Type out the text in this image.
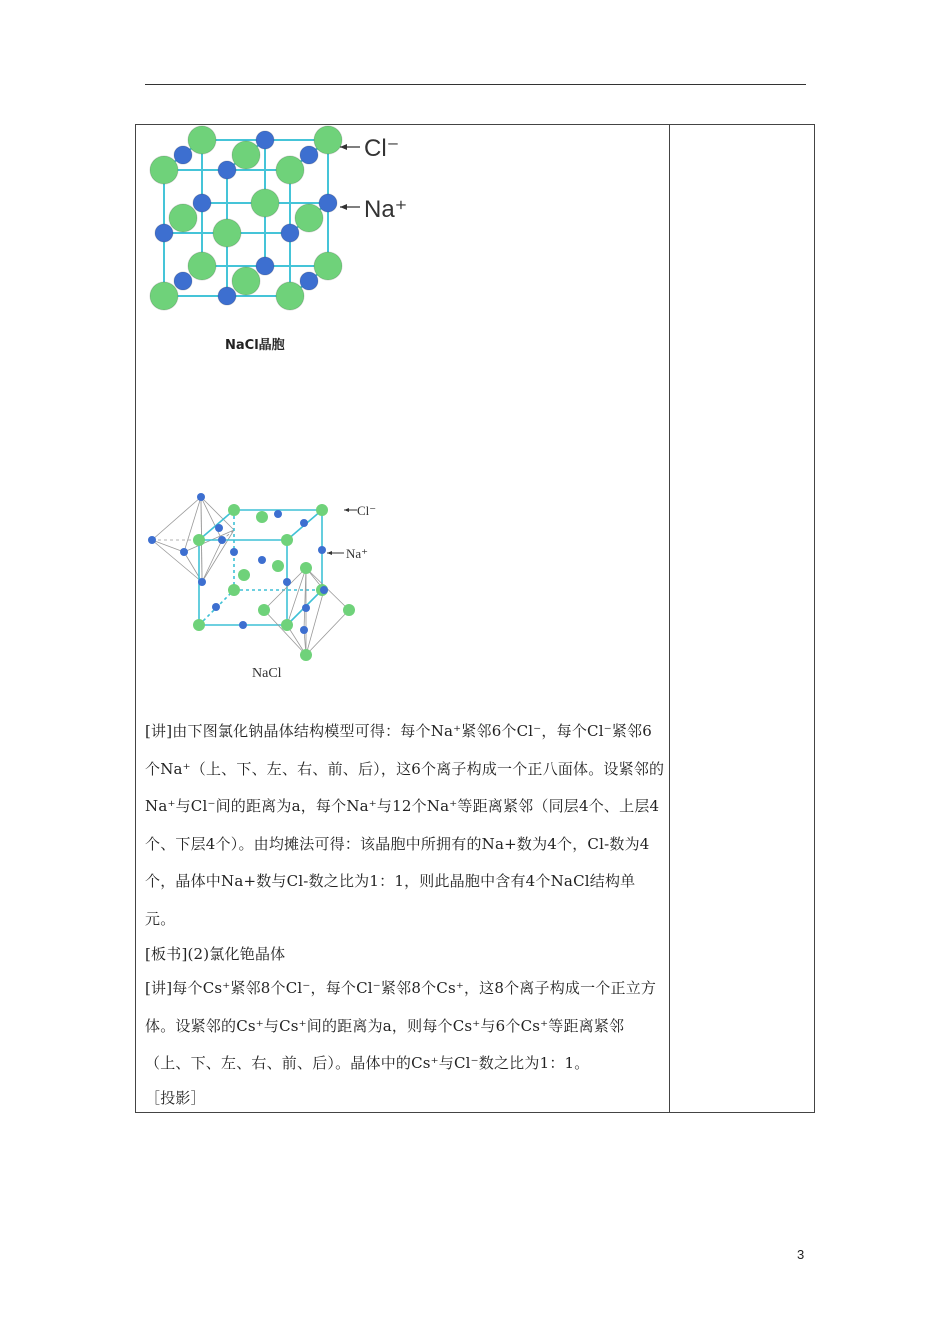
Cl⁻
Na⁺
NaCl晶胞
Cl⁻
Na⁺
NaCl

[讲]由下图氯化钠晶体结构模型可得：每个Na⁺紧邻6个Cl⁻，每个Cl⁻紧邻6个Na⁺（上、下、左、右、前、后），这6个离子构成一个正八面体。设紧邻的Na⁺与Cl⁻间的距离为a，每个Na⁺与12个Na⁺等距离紧邻（同层4个、上层4个、下层4个）。由均摊法可得：该晶胞中所拥有的Na+数为4个，Cl-数为4个，晶体中Na+数与Cl-数之比为1：1，则此晶胞中含有4个NaCl结构单元。

[板书](2)氯化铯晶体

[讲]每个Cs⁺紧邻8个Cl⁻，每个Cl⁻紧邻8个Cs⁺，这8个离子构成一个正立方体。设紧邻的Cs⁺与Cs⁺间的距离为a，则每个Cs⁺与6个Cs⁺等距离紧邻（上、下、左、右、前、后）。晶体中的Cs⁺与Cl⁻数之比为1：1。

［投影］

3
